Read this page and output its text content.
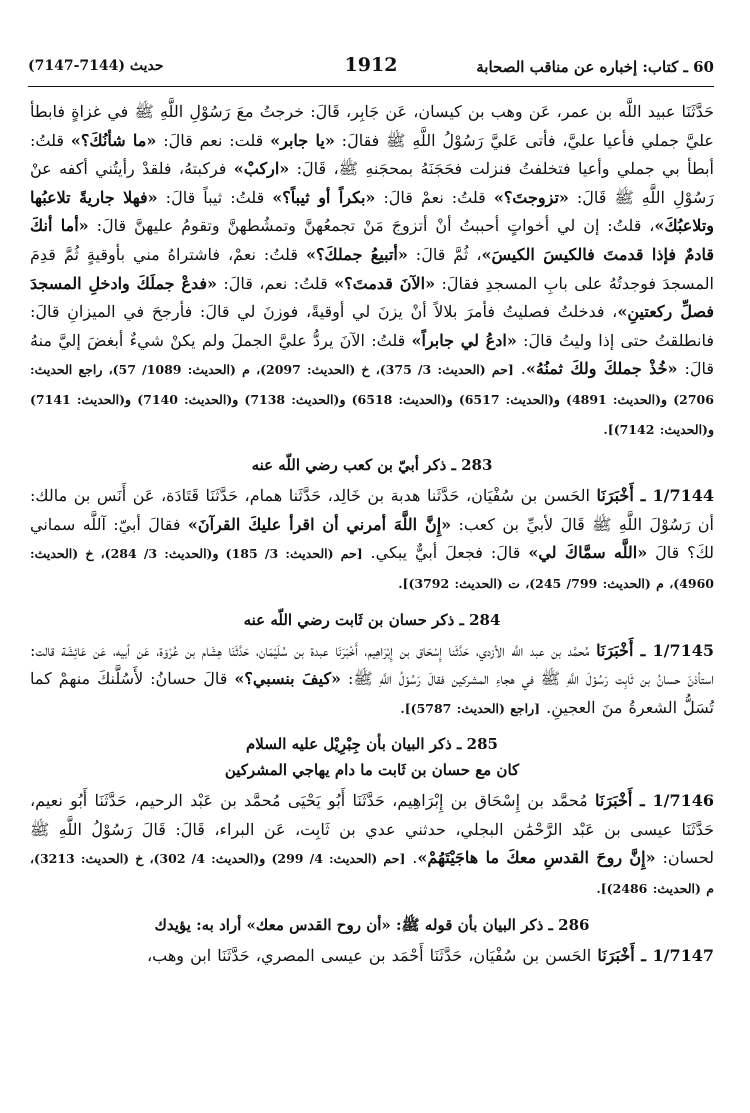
60 ـ كتاب: إخباره عن مناقب الصحابة
1912
حديث (7144-7147)

حَدَّثَنَا عبيد اللَّه بن عمر، عَن وهب بن كيسان، عَن جَابِر، قَالَ: خرجتُ معَ رَسُوْلِ اللَّهِ ﷺ في غزاةٍ فابطأ عليَّ جملي فأعيا عليَّ، فأتى عَليَّ رَسُوْلُ اللَّهِ ﷺ فقالَ: «يا جابر» قلت: نعم قالَ: «ما شأنُكَ؟» قلتُ: أبطأ بي جملي وأعيا فتخلفتُ فنزلت فحَجَنَهُ بمحجَنهِ ﷺ، قَالَ: «اركبْ» فركبتهُ، فلقدْ رأيتُني أكفه عنْ رَسُوْلِ اللَّهِ ﷺ قَالَ: «تزوجتَ؟» قلتُ: نعمْ قالَ: «بكراً أو ثيباً؟» قلتُ: ثيباً قالَ: «فهلا جاريةً تلاعبُها وتلاعبُكَ»، قلتُ: إن لي أخواتٍ أحببتُ أنْ أتزوجَ مَنْ تجمعُهنَّ وتمشُطهنَّ وتقومُ عليهنَّ قالَ: «أما أنكَ قادمٌ فإذا قدمتَ فالكيسَ الكيسَ»، ثُمَّ قالَ: «أتبيعُ جملكَ؟» قلتُ: نعمْ، فاشتراهُ مني بأوقيةٍ ثُمَّ قدِمَ المسجدَ فوجدتُهُ على بابِ المسجدِ فقالَ: «الآنَ قدمتَ؟» قلتُ: نعم، قالَ: «فدعْ جملَكَ وادخلِ المسجدَ فصلِّ ركعتينِ»، فدخلتُ فصليتُ فأمرَ بلالاً أنْ يزنَ لي أوقيةً، فوزنَ لي قالَ: فأرجحَ في الميزانِ قالَ: فانطلقتُ حتى إذا وليتُ قالَ: «ادعُ لي جابراً» قلتُ: الآنَ يردُّ عليَّ الجملَ ولم يكنْ شيءٌ أبغضَ إليَّ منهُ قالَ: «خُذْ جملكَ ولكَ ثمنُهُ». [حم (الحديث: 3/ 375)، خ (الحديث: 2097)، م (الحديث: 1089/ 57)، راجع الحديث: 2706) و(الحديث: 4891) و(الحديث: 6517) و(الحديث: 6518) و(الحديث: 7138) و(الحديث: 7140) و(الحديث: 7141) و(الحديث: 7142)].

283 ـ ذكر أبيّ بن كعب رضي اللّه عنه

1/7144 ـ أَخْبَرَنَا الحَسن بن سُفْيَان، حَدَّثَنا هدبة بن خَالِد، حَدَّثَنا همام، حَدَّثَنَا قَتَادَة، عَن أَنَس بن مالك: أن رَسُوْلَ اللَّهِ ﷺ قَالَ لأبيِّ بن كعب: «إِنَّ اللَّهَ أمرني أن اقرأ عليكَ القرآنَ» فقالَ أبيّ: آللَّه سماني لكَ؟ قالَ «اللَّه سمَّاكَ لي» قالَ: فجعلَ أبيٌّ يبكي. [حم (الحديث: 3/ 185) و(الحديث: 3/ 284)، خ (الحديث: 4960)، م (الحديث: 799/ 245)، ت (الحديث: 3792)].

284 ـ ذكر حسان بن ثَابت رضي اللّه عنه

1/7145 ـ أَخْبَرَنَا مُحمَّد بن عبد اللَّه الأزدي، حَدَّثَنا إِسْحَاق بن إِبْرَاهِيم، أَخْبَرَنَا عبدة بن سُلَيْمَان، حَدَّثَنَا هِشَام بن عُرْوَة، عَن أبيه، عَن عَائِشَة قالت: استأذنَ حسانُ بن ثَابِت رَسُوْلَ اللَّهِ ﷺ في هجاءِ المشركين فقالَ رَسُوْلُ اللَّهِ ﷺ: «كيفَ بنسبي؟» قالَ حسانُ: لأَسُلَّنكَ منهمْ كما تُسَلُّ الشعرةُ منَ العجينِ. [راجع (الحديث: 5787)].

285 ـ ذكر البيان بأن جِبْرِيْل عليه السلام
كان مع حسان بن ثَابت ما دام يهاجي المشركين

1/7146 ـ أَخْبَرَنَا مُحمَّد بن إِسْحَاق بن إِبْرَاهِيم، حَدَّثَنَا أَبُو يَحْيَى مُحمَّد بن عَبْد الرحيم، حَدَّثَنَا أَبُو نعيم، حَدَّثَنَا عيسى بن عَبْد الرَّحْمَٰن البجلي، حدثني عدي بن ثَابِت، عَن البراء، قَالَ: قَالَ رَسُوْلُ اللَّهِ ﷺ لحسان: «إِنَّ روحَ القدسِ معكَ ما هاجَيْتَهُمْ». [حم (الحديث: 4/ 299) و(الحديث: 4/ 302)، خ (الحديث: 3213)، م (الحديث: 2486)].

286 ـ ذكر البيان بأن قوله ﷺ: «أن روح القدس معك» أراد به: يؤيدك

1/7147 ـ أَخْبَرَنَا الحَسن بن سُفْيَان، حَدَّثَنَا أَحْمَد بن عيسى المصري، حَدَّثَنَا ابن وهب،
